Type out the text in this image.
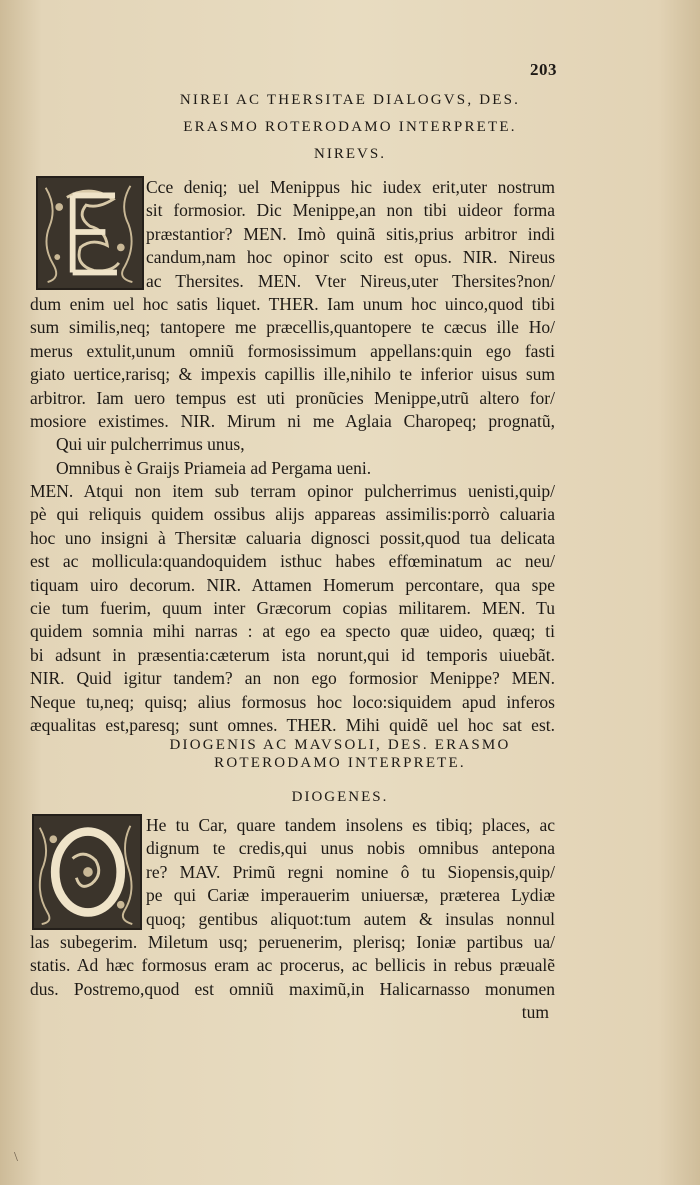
203
NIREI AC THERSITAE DIALOGVS, DES.
ERASMO ROTERODAMO INTERPRETE.
NIREVS.
Cce deniq; uel Menippus hic iudex erit,uter nostrum
sit formosior. Dic Menippe,an non tibi uideor forma
præstantior? MEN. Imò quinã sitis,prius arbitror indi
candum,nam hoc opinor scito est opus. NIR. Nireus
ac Thersites. MEN. Vter Nireus,uter Thersites?non/
dum enim uel hoc satis liquet. THER. Iam unum hoc uinco,quod tibi
sum similis,neq; tantopere me præcellis,quantopere te cæcus ille Ho/
merus extulit,unum omniũ formosissimum appellans:quin ego fasti
giato uertice,rarisq; & impexis capillis ille,nihilo te inferior uisus sum
arbitror. Iam uero tempus est uti pronũcies Menippe,utrũ altero for/
mosiore existimes. NIR. Mirum ni me Aglaia Charopeq; prognatũ,
Qui uir pulcherrimus unus,
Omnibus è Graijs Priameia ad Pergama ueni.
MEN. Atqui non item sub terram opinor pulcherrimus uenisti,quip/
pè qui reliquis quidem ossibus alijs appareas assimilis:porrò caluaria
hoc uno insigni à Thersitæ caluaria dignosci possit,quod tua delicata
est ac mollicula:quandoquidem isthuc habes effœminatum ac neu/
tiquam uiro decorum. NIR. Attamen Homerum percontare, qua spe
cie tum fuerim, quum inter Græcorum copias militarem. MEN. Tu
quidem somnia mihi narras : at ego ea specto quæ uideo, quæq; ti
bi adsunt in præsentia:cæterum ista norunt,qui id temporis uiuebãt.
NIR. Quid igitur tandem? an non ego formosior Menippe? MEN.
Neque tu,neq; quisq; alius formosus hoc loco:siquidem apud inferos
æqualitas est,paresq; sunt omnes. THER. Mihi quidẽ uel hoc sat est.
DIOGENIS AC MAVSOLI, DES. ERASMO
ROTERODAMO INTERPRETE.
DIOGENES.
He tu Car, quare tandem insolens es tibiq; places, ac
dignum te credis,qui unus nobis omnibus antepona
re? MAV. Primũ regni nomine ô tu Siopensis,quip/
pe qui Cariæ imperauerim uniuersæ, præterea Lydiæ
quoq; gentibus aliquot:tum autem & insulas nonnul
las subegerim. Miletum usq; peruenerim, plerisq; Ioniæ partibus ua/
statis. Ad hæc formosus eram ac procerus, ac bellicis in rebus præualẽ
dus. Postremo,quod est omniũ maximũ,in Halicarnasso monumen
tum
\
